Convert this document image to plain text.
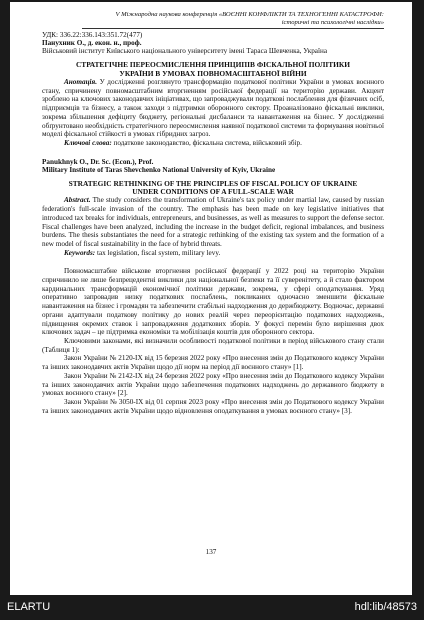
V Міжнародна наукова конференція «ВОЄННІ КОНФЛІКТИ ТА ТЕХНОГЕННІ КАТАСТРОФИ:
історичні та психологічні наслідки»
УДК: 336.22:336.143:351.72(477)
Панухник О., д. екон. н., проф.
Військовий інститут Київського національного університету імені Тараса Шевченка, Україна
СТРАТЕГІЧНЕ ПЕРЕОСМИСЛЕННЯ ПРИНЦИПІВ ФІСКАЛЬНОЇ ПОЛІТИКИ
УКРАЇНИ В УМОВАХ ПОВНОМАСШТАБНОЇ ВІЙНИ

Анотація. У дослідженні розглянуто трансформацію податкової політики України в умовах воєнного стану, спричинену повномасштабним вторгненням російської федерації на територію держави. Акцент зроблено на ключових законодавчих ініціативах, що запроваджували податкові послаблення для фізичних осіб, підприємців та бізнесу, а також заходи з підтримки оборонного сектору. Проаналізовано фіскальні виклики, зокрема збільшення дефіциту бюджету, регіональні дисбаланси та навантаження на бізнес. У дослідженні обґрунтовано необхідність стратегічного переосмислення наявної податкової системи та формування новітньої моделі фіскальної стійкості в умовах гібридних загроз.

Ключові слова: податкове законодавство, фіскальна система, військовий збір.

Panukhnyk O., Dr. Sc. (Econ.), Prof.
Military Institute of Taras Shevchenko National University of Kyiv, Ukraine
STRATEGIC RETHINKING OF THE PRINCIPLES OF FISCAL POLICY OF UKRAINE
UNDER CONDITIONS OF A FULL-SCALE WAR

Abstract. The study considers the transformation of Ukraine's tax policy under martial law, caused by russian federation's full-scale invasion of the country. The emphasis has been made on key legislative initiatives that introduced tax breaks for individuals, entrepreneurs, and businesses, as well as measures to support the defense sector. Fiscal challenges have been analyzed, including the increase in the budget deficit, regional imbalances, and business burdens. The thesis substantiates the need for a strategic rethinking of the existing tax system and the formation of a new model of fiscal sustainability in the face of hybrid threats.

Keywords: tax legislation, fiscal system, military levy.

Повномасштабне військове вторгнення російської федерації у 2022 році на територію України спричинило не лише безпрецедентні виклики для національної безпеки та її суверенітету, а й стало фактором кардинальних трансформацій економічної політики держави, зокрема, у сфері оподаткування. Уряд оперативно запровадив низку податкових послаблень, покликаних одночасно зменшити фіскальне навантаження на бізнес і громадян та забезпечити стабільні надходження до держбюджету. Водночас, державні органи адаптували податкову політику до нових реалій через переорієнтацію податкових надходжень, підвищення окремих ставок і запровадження додаткових зборів. У фокусі перемін було вирішення двох ключових задач – це підтримка економіки та мобілізація коштів для оборонного сектора.

Ключовими законами, які визначили особливості податкової політики в період військового стану стали (Таблиця 1):

Закон України № 2120-IX від 15 березня 2022 року «Про внесення змін до Податкового кодексу України та інших законодавчих актів України щодо дії норм на період дії воєнного стану» [1].

Закон України № 2142-IX від 24 березня 2022 року «Про внесення змін до Податкового кодексу України та інших законодавчих актів України щодо забезпечення податкових надходжень до державного бюджету в умовах воєнного стану» [2].

Закон України № 3050-IX від 01 серпня 2023 року «Про внесення змін до Податкового кодексу України та інших законодавчих актів України щодо відновлення оподаткування в умовах воєнного стану» [3].

137
ELARTU	hdl:lib/48573
